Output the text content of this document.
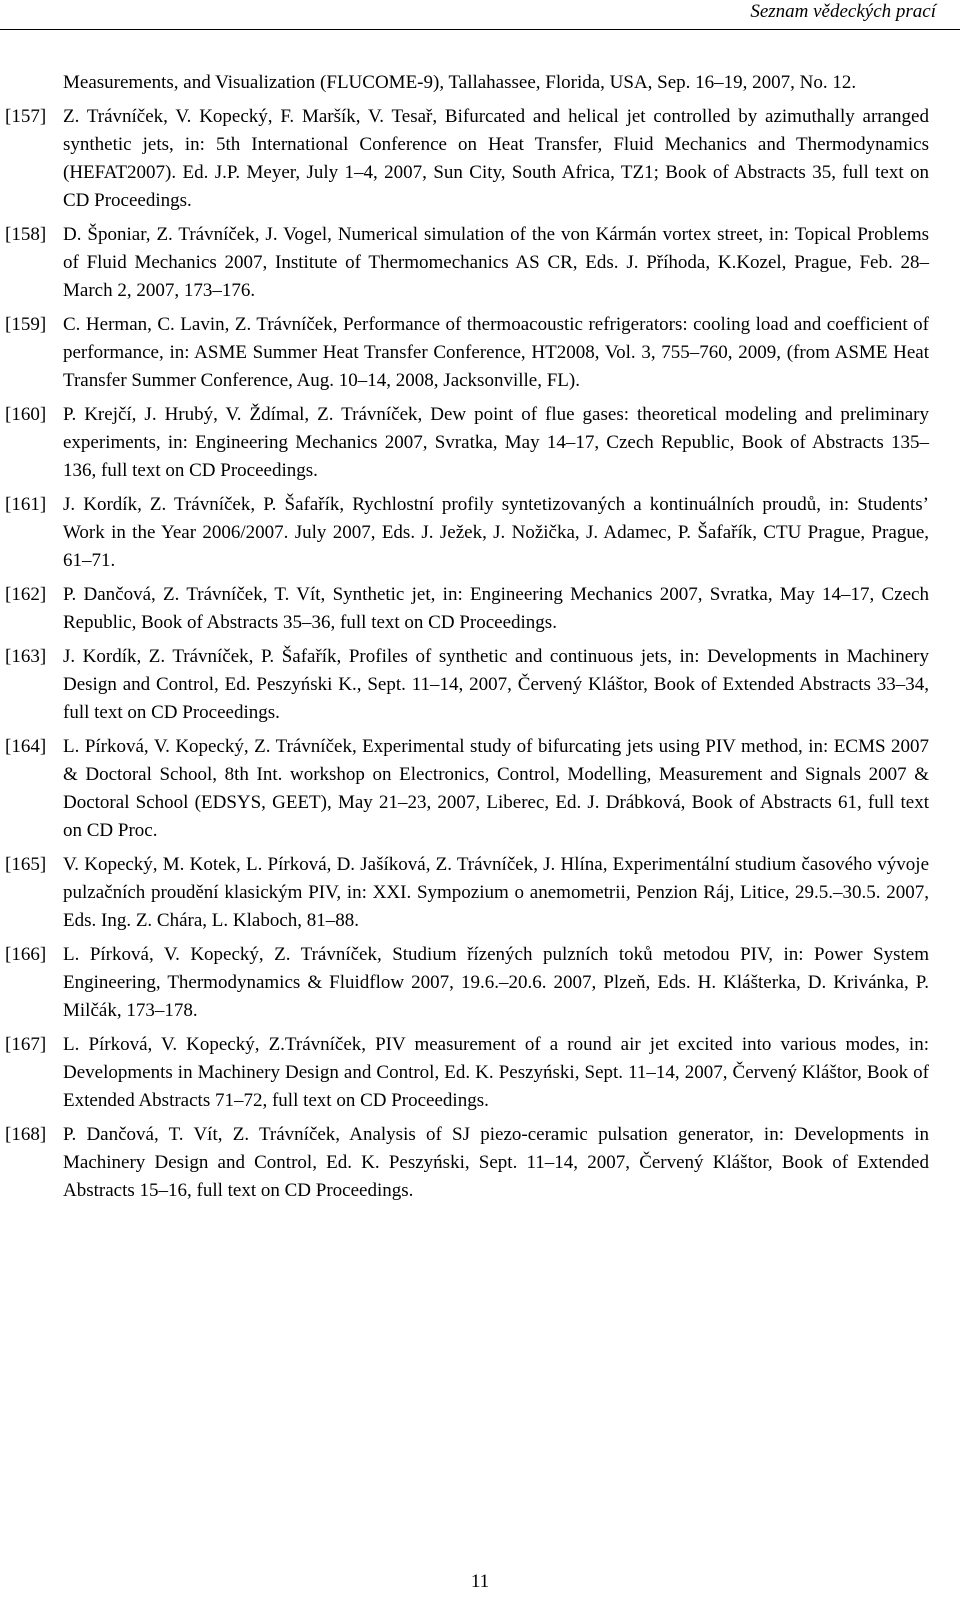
Seznam vědeckých prací

Measurements, and Visualization (FLUCOME-9), Tallahassee, Florida, USA, Sep. 16–19, 2007, No. 12.

[157] Z. Trávníček, V. Kopecký, F. Maršík, V. Tesař, Bifurcated and helical jet controlled by azimuthally arranged synthetic jets, in: 5th International Conference on Heat Transfer, Fluid Mechanics and Thermodynamics (HEFAT2007). Ed. J.P. Meyer, July 1–4, 2007, Sun City, South Africa, TZ1; Book of Abstracts 35, full text on CD Proceedings.
[158] D. Šponiar, Z. Trávníček, J. Vogel, Numerical simulation of the von Kármán vortex street, in: Topical Problems of Fluid Mechanics 2007, Institute of Thermomechanics AS CR, Eds. J. Příhoda, K.Kozel, Prague, Feb. 28–March 2, 2007, 173–176.
[159] C. Herman, C. Lavin, Z. Trávníček, Performance of thermoacoustic refrigerators: cooling load and coefficient of performance, in: ASME Summer Heat Transfer Conference, HT2008, Vol. 3, 755–760, 2009, (from ASME Heat Transfer Summer Conference, Aug. 10–14, 2008, Jacksonville, FL).
[160] P. Krejčí, J. Hrubý, V. Ždímal, Z. Trávníček, Dew point of flue gases: theoretical modeling and preliminary experiments, in: Engineering Mechanics 2007, Svratka, May 14–17, Czech Republic, Book of Abstracts 135–136, full text on CD Proceedings.
[161] J. Kordík, Z. Trávníček, P. Šafařík, Rychlostní profily syntetizovaných a kontinuálních proudů, in: Students’ Work in the Year 2006/2007. July 2007, Eds. J. Ježek, J. Nožička, J. Adamec, P. Šafařík, CTU Prague, Prague, 61–71.
[162] P. Dančová, Z. Trávníček, T. Vít, Synthetic jet, in: Engineering Mechanics 2007, Svratka, May 14–17, Czech Republic, Book of Abstracts 35–36, full text on CD Proceedings.
[163] J. Kordík, Z. Trávníček, P. Šafařík, Profiles of synthetic and continuous jets, in: Developments in Machinery Design and Control, Ed. Peszyński K., Sept. 11–14, 2007, Červený Kláštor, Book of Extended Abstracts 33–34, full text on CD Proceedings.
[164] L. Pírková, V. Kopecký, Z. Trávníček, Experimental study of bifurcating jets using PIV method, in: ECMS 2007 & Doctoral School, 8th Int. workshop on Electronics, Control, Modelling, Measurement and Signals 2007 & Doctoral School (EDSYS, GEET), May 21–23, 2007, Liberec, Ed. J. Drábková, Book of Abstracts 61, full text on CD Proc.
[165] V. Kopecký, M. Kotek, L. Pírková, D. Jašíková, Z. Trávníček, J. Hlína, Experimentální studium časového vývoje pulzačních proudění klasickým PIV, in: XXI. Sympozium o anemometrii, Penzion Ráj, Litice, 29.5.–30.5. 2007, Eds. Ing. Z. Chára, L. Klaboch, 81–88.
[166] L. Pírková, V. Kopecký, Z. Trávníček, Studium řízených pulzních toků metodou PIV, in: Power System Engineering, Thermodynamics & Fluidflow 2007, 19.6.–20.6. 2007, Plzeň, Eds. H. Klášterka, D. Krivánka, P. Milčák, 173–178.
[167] L. Pírková, V. Kopecký, Z.Trávníček, PIV measurement of a round air jet excited into various modes, in: Developments in Machinery Design and Control, Ed. K. Peszyński, Sept. 11–14, 2007, Červený Kláštor, Book of Extended Abstracts 71–72, full text on CD Proceedings.
[168] P. Dančová, T. Vít, Z. Trávníček, Analysis of SJ piezo-ceramic pulsation generator, in: Developments in Machinery Design and Control, Ed. K. Peszyński, Sept. 11–14, 2007, Červený Kláštor, Book of Extended Abstracts 15–16, full text on CD Proceedings.
11
